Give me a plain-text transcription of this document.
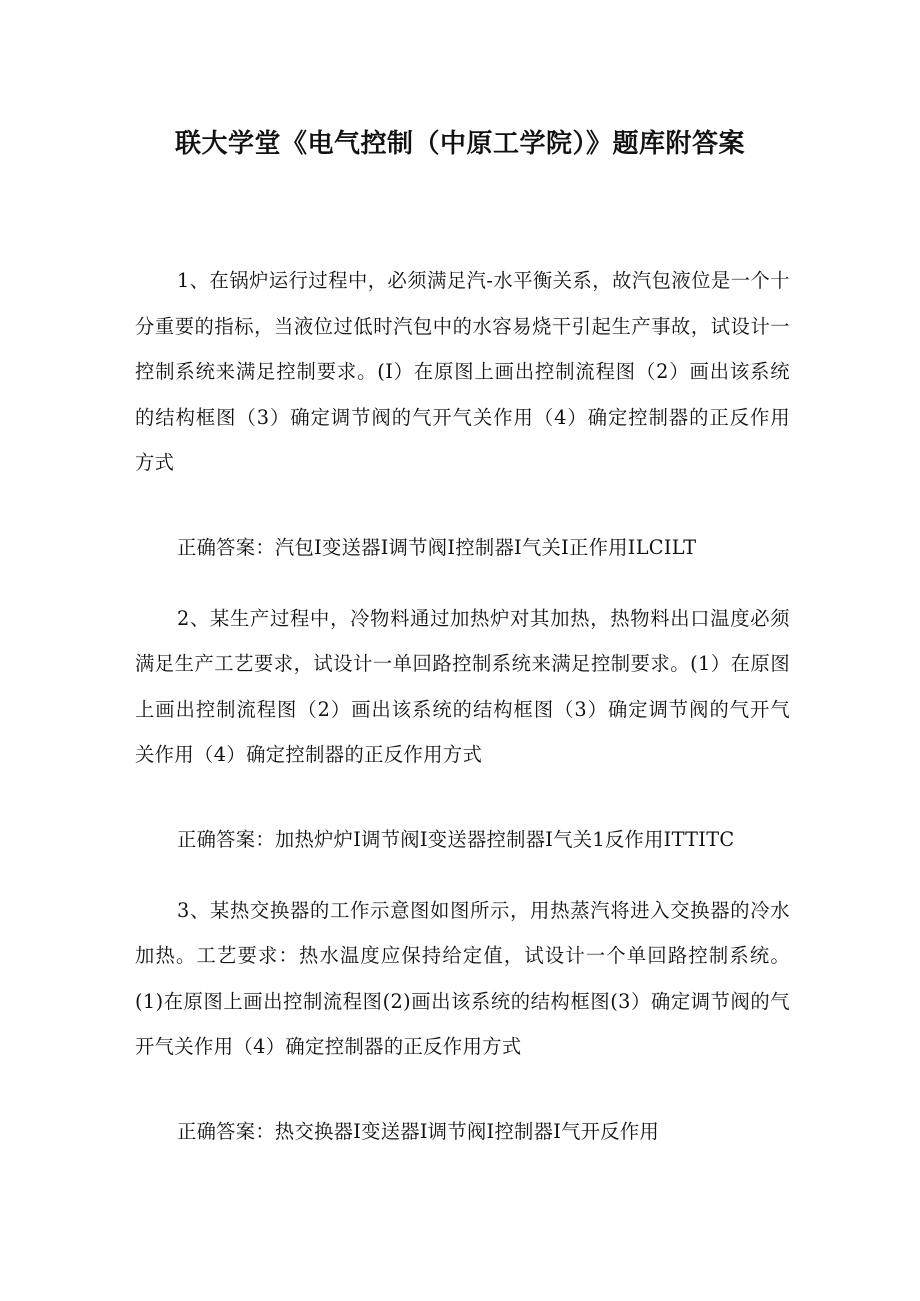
联大学堂《电气控制（中原工学院）》题库附答案

1、在锅炉运行过程中，必须满足汽-水平衡关系，故汽包液位是一个十分重要的指标，当液位过低时汽包中的水容易烧干引起生产事故，试设计一控制系统来满足控制要求。(I）在原图上画出控制流程图（2）画出该系统的结构框图（3）确定调节阀的气开气关作用（4）确定控制器的正反作用方式

正确答案：汽包I变送器I调节阀I控制器I气关I正作用ILCILT

2、某生产过程中，冷物料通过加热炉对其加热，热物料出口温度必须满足生产工艺要求，试设计一单回路控制系统来满足控制要求。(1）在原图上画出控制流程图（2）画出该系统的结构框图（3）确定调节阀的气开气关作用（4）确定控制器的正反作用方式

正确答案：加热炉炉I调节阀I变送器控制器I气关1反作用ITTITC

3、某热交换器的工作示意图如图所示，用热蒸汽将进入交换器的冷水加热。工艺要求：热水温度应保持给定值，试设计一个单回路控制系统。(1)在原图上画出控制流程图(2)画出该系统的结构框图(3）确定调节阀的气开气关作用（4）确定控制器的正反作用方式

正确答案：热交换器I变送器I调节阀I控制器I气开反作用
